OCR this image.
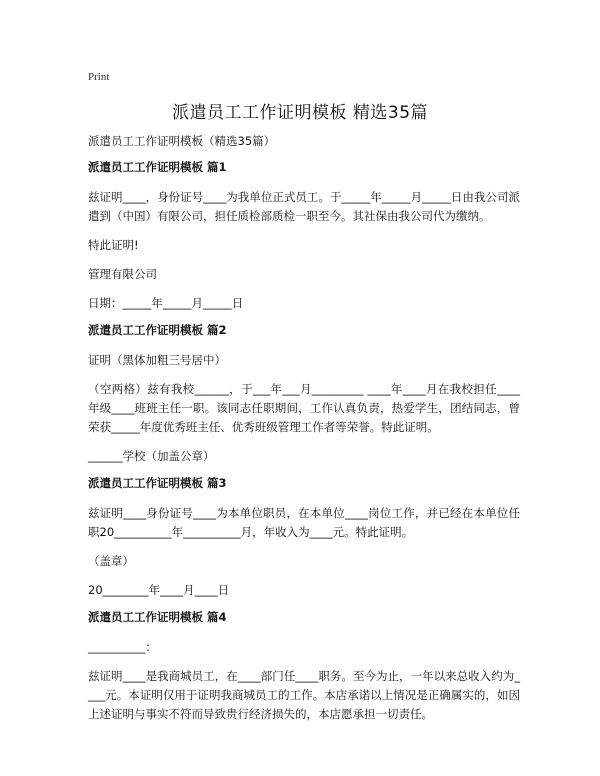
Print
派遣员工工作证明模板 精选35篇
派遣员工工作证明模板（精选35篇）
派遣员工工作证明模板 篇1

兹证明____，身份证号____为我单位正式员工。于_____年_____月_____日由我公司派遣到（中国）有限公司，担任质检部质检一职至今。其社保由我公司代为缴纳。

特此证明!

管理有限公司

日期：_____年_____月_____日

派遣员工工作证明模板 篇2

证明（黑体加粗三号居中）

（空两格）兹有我校______，于___年___月_________ ____年____月在我校担任____年级____班班主任一职。该同志任职期间，工作认真负责，热爱学生，团结同志，曾荣获_____年度优秀班主任、优秀班级管理工作者等荣誉。特此证明。

______学校（加盖公章）

派遣员工工作证明模板 篇3

兹证明____身份证号____为本单位职员，在本单位____岗位工作，并已经在本单位任职20__________年__________月，年收入为____元。特此证明。

（盖章）

20________年____月____日

派遣员工工作证明模板 篇4

__________：

兹证明____是我商城员工，在____部门任____职务。至今为止，一年以来总收入约为____元。本证明仅用于证明我商城员工的工作。本店承诺以上情况是正确属实的，如因上述证明与事实不符而导致贵行经济损失的，本店愿承担一切责任。
